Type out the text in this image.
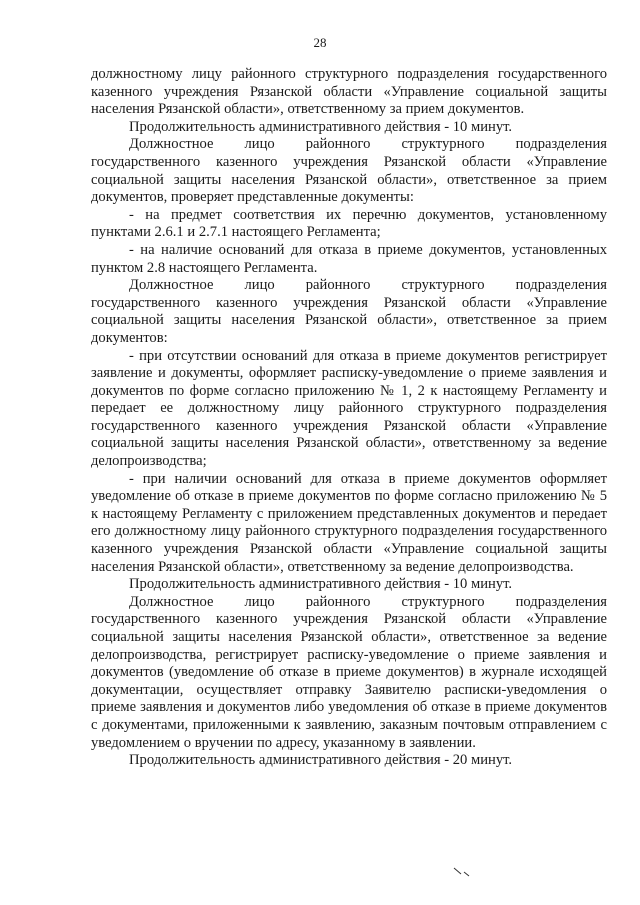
28

должностному лицу районного структурного подразделения государственного казенного учреждения Рязанской области «Управление социальной защиты населения Рязанской области», ответственному за прием документов.

Продолжительность административного действия - 10 минут.

Должностное лицо районного структурного подразделения государственного казенного учреждения Рязанской области «Управление социальной защиты населения Рязанской области», ответственное за прием документов, проверяет представленные документы:

- на предмет соответствия их перечню документов, установленному пунктами 2.6.1 и 2.7.1 настоящего Регламента;

- на наличие оснований для отказа в приеме документов, установленных пунктом 2.8 настоящего Регламента.

Должностное лицо районного структурного подразделения государственного казенного учреждения Рязанской области «Управление социальной защиты населения Рязанской области», ответственное за прием документов:

- при отсутствии оснований для отказа в приеме документов регистрирует заявление и документы, оформляет расписку-уведомление о приеме заявления и документов по форме согласно приложению № 1, 2 к настоящему Регламенту и передает ее должностному лицу районного структурного подразделения государственного казенного учреждения Рязанской области «Управление социальной защиты населения Рязанской области», ответственному за ведение делопроизводства;

- при наличии оснований для отказа в приеме документов оформляет уведомление об отказе в приеме документов по форме согласно приложению № 5 к настоящему Регламенту с приложением представленных документов и передает его должностному лицу районного структурного подразделения государственного казенного учреждения Рязанской области «Управление социальной защиты населения Рязанской области», ответственному за ведение делопроизводства.

Продолжительность административного действия - 10 минут.

Должностное лицо районного структурного подразделения государственного казенного учреждения Рязанской области «Управление социальной защиты населения Рязанской области», ответственное за ведение делопроизводства, регистрирует расписку-уведомление о приеме заявления и документов (уведомление об отказе в приеме документов) в журнале исходящей документации, осуществляет отправку Заявителю расписки-уведомления о приеме заявления и документов либо уведомления об отказе в приеме документов с документами, приложенными к заявлению, заказным почтовым отправлением с уведомлением о вручении по адресу, указанному в заявлении.

Продолжительность административного действия - 20 минут.
